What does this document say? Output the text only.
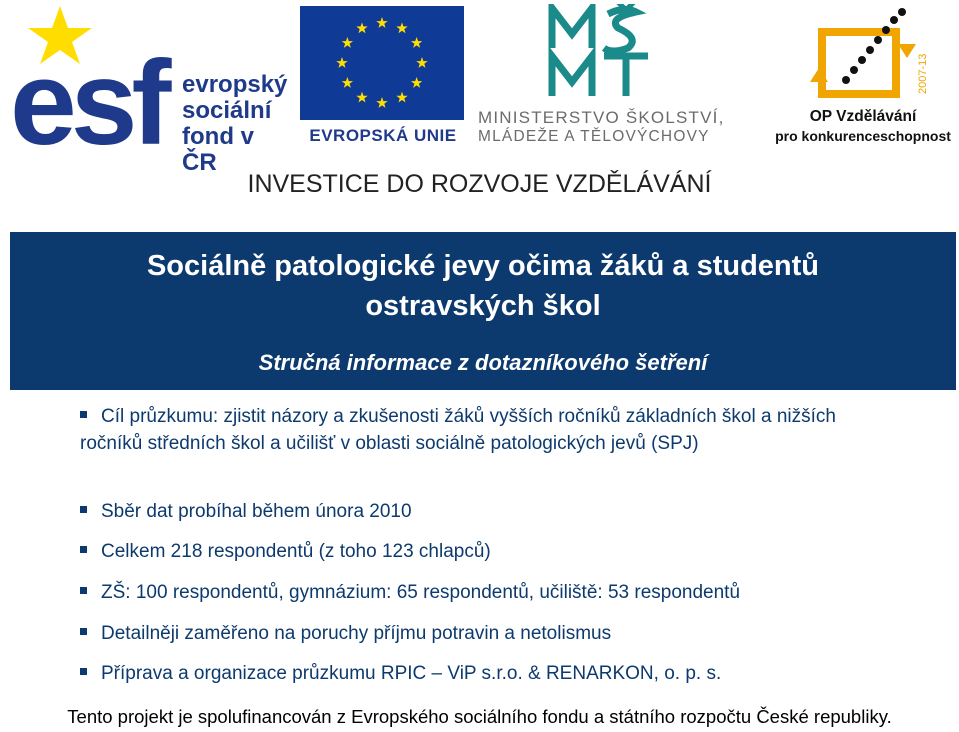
esf evropský
sociální
fond v ČR
EVROPSKÁ UNIE
MINISTERSTVO ŠKOLSTVÍ,
MLÁDEŽE A TĚLOVÝCHOVY
2007-13
OP Vzdělávání
pro konkurenceschopnost
INVESTICE DO ROZVOJE VZDĚLÁVÁNÍ
Sociálně patologické jevy očima žáků a studentů
ostravských škol
Stručná informace z dotazníkového šetření
Cíl průzkumu: zjistit názory a zkušenosti žáků vyšších ročníků základních škol a nižších ročníků středních škol a učilišť v oblasti sociálně patologických jevů (SPJ)
Sběr dat probíhal během února 2010
Celkem 218 respondentů (z toho 123 chlapců)
ZŠ: 100 respondentů, gymnázium: 65 respondentů, učiliště: 53 respondentů
Detailněji zaměřeno na poruchy příjmu potravin a netolismus
Příprava a organizace průzkumu RPIC – ViP s.r.o. & RENARKON, o. p. s.
Tento projekt je spolufinancován z Evropského sociálního fondu a státního rozpočtu České republiky.
